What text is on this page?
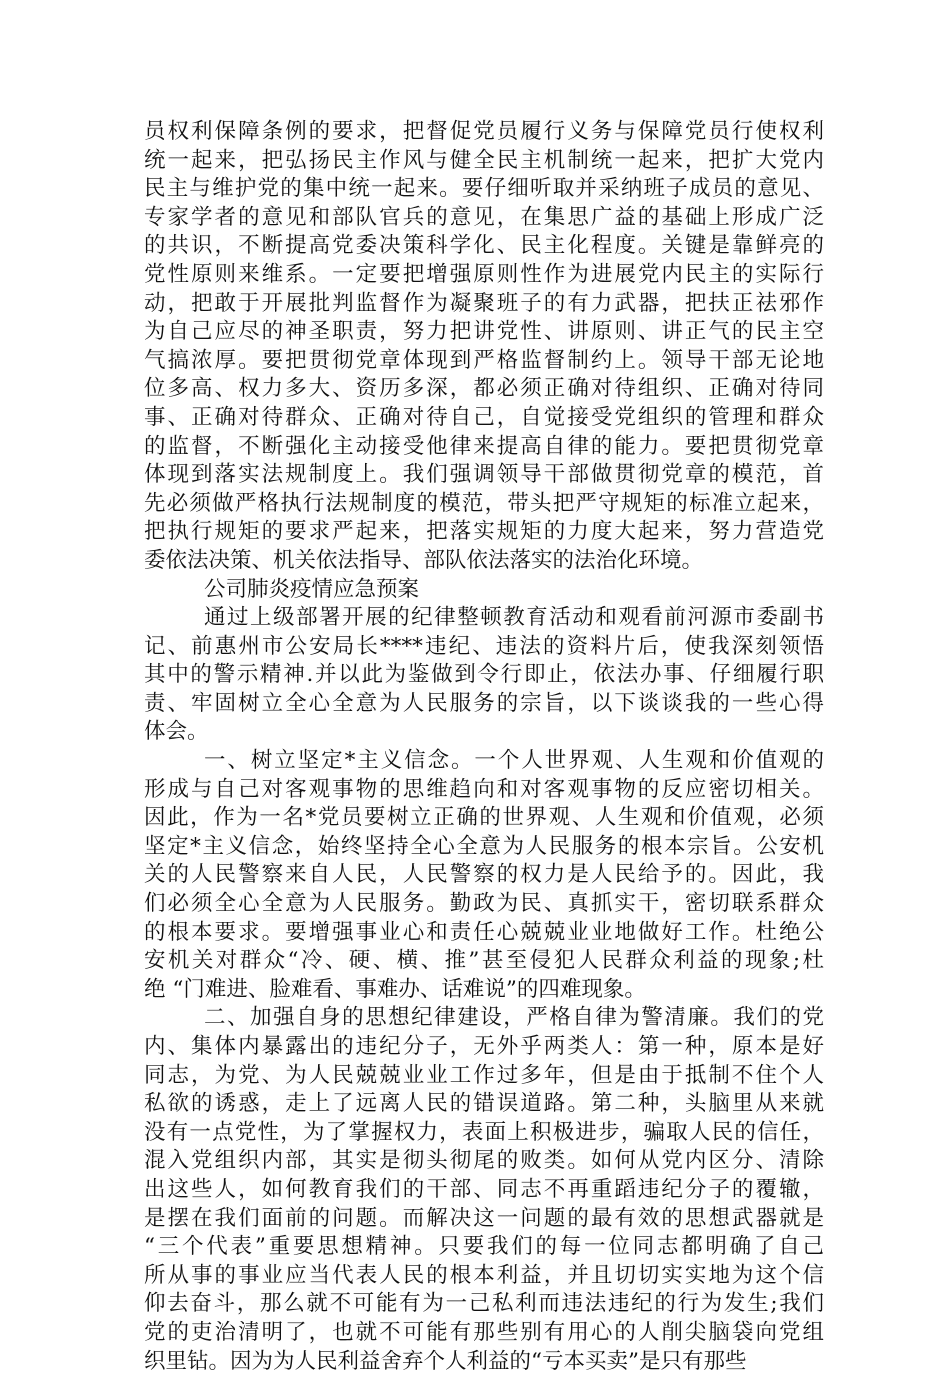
员权利保障条例的要求，把督促党员履行义务与保障党员行使权利
统一起来，把弘扬民主作风与健全民主机制统一起来，把扩大党内
民主与维护党的集中统一起来。要仔细听取并采纳班子成员的意见、
专家学者的意见和部队官兵的意见，在集思广益的基础上形成广泛
的共识，不断提高党委决策科学化、民主化程度。关键是靠鲜亮的
党性原则来维系。一定要把增强原则性作为进展党内民主的实际行
动，把敢于开展批判监督作为凝聚班子的有力武器，把扶正祛邪作
为自己应尽的神圣职责，努力把讲党性、讲原则、讲正气的民主空
气搞浓厚。要把贯彻党章体现到严格监督制约上。领导干部无论地
位多高、权力多大、资历多深，都必须正确对待组织、正确对待同
事、正确对待群众、正确对待自己，自觉接受党组织的管理和群众
的监督，不断强化主动接受他律来提高自律的能力。要把贯彻党章
体现到落实法规制度上。我们强调领导干部做贯彻党章的模范，首
先必须做严格执行法规制度的模范，带头把严守规矩的标准立起来，
把执行规矩的要求严起来，把落实规矩的力度大起来，努力营造党
委依法决策、机关依法指导、部队依法落实的法治化环境。
公司肺炎疫情应急预案
通过上级部署开展的纪律整顿教育活动和观看前河源市委副书
记、前惠州市公安局长****违纪、违法的资料片后，使我深刻领悟
其中的警示精神.并以此为鉴做到令行即止，依法办事、仔细履行职
责、牢固树立全心全意为人民服务的宗旨，以下谈谈我的一些心得
体会。
一、树立坚定*主义信念。一个人世界观、人生观和价值观的
形成与自己对客观事物的思维趋向和对客观事物的反应密切相关。
因此，作为一名*党员要树立正确的世界观、人生观和价值观，必须
坚定*主义信念，始终坚持全心全意为人民服务的根本宗旨。公安机
关的人民警察来自人民，人民警察的权力是人民给予的。因此，我
们必须全心全意为人民服务。勤政为民、真抓实干，密切联系群众
的根本要求。要增强事业心和责任心兢兢业业地做好工作。杜绝公
安机关对群众“冷、硬、横、推”甚至侵犯人民群众利益的现象;杜
绝 “门难进、脸难看、事难办、话难说”的四难现象。
二、加强自身的思想纪律建设，严格自律为警清廉。我们的党
内、集体内暴露出的违纪分子，无外乎两类人：第一种，原本是好
同志，为党、为人民兢兢业业工作过多年，但是由于抵制不住个人
私欲的诱惑，走上了远离人民的错误道路。第二种，头脑里从来就
没有一点党性，为了掌握权力，表面上积极进步，骗取人民的信任，
混入党组织内部，其实是彻头彻尾的败类。如何从党内区分、清除
出这些人，如何教育我们的干部、同志不再重蹈违纪分子的覆辙，
是摆在我们面前的问题。而解决这一问题的最有效的思想武器就是
“三个代表”重要思想精神。只要我们的每一位同志都明确了自己
所从事的事业应当代表人民的根本利益，并且切切实实地为这个信
仰去奋斗，那么就不可能有为一己私利而违法违纪的行为发生;我们
党的吏治清明了，也就不可能有那些别有用心的人削尖脑袋向党组
织里钻。因为为人民利益舍弃个人利益的“亏本买卖”是只有那些
